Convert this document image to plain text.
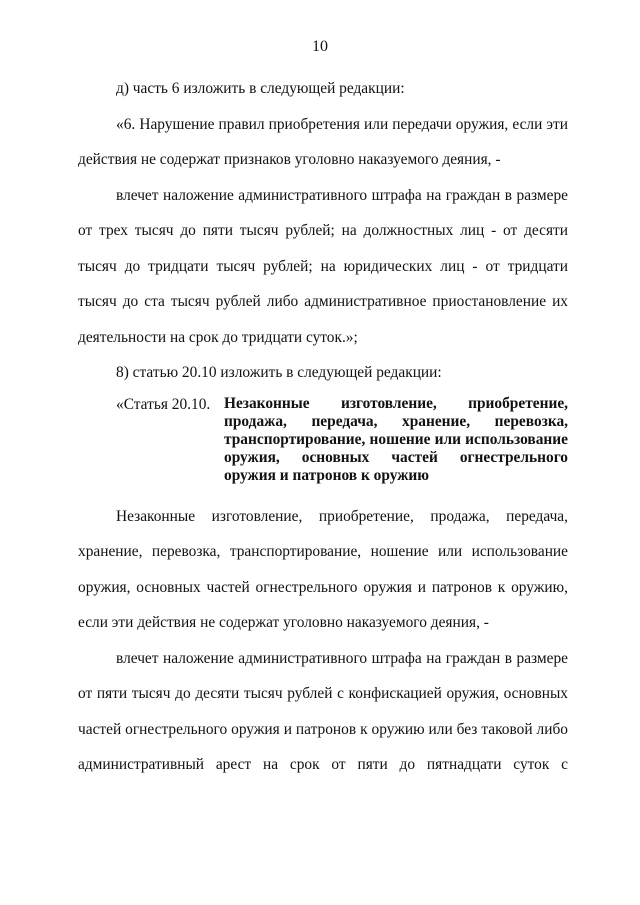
10

д) часть 6 изложить в следующей редакции:

«6. Нарушение правил приобретения или передачи оружия, если эти действия не содержат признаков уголовно наказуемого деяния, -

влечет наложение административного штрафа на граждан в размере от трех тысяч до пяти тысяч рублей; на должностных лиц - от десяти тысяч до тридцати тысяч рублей; на юридических лиц - от тридцати тысяч до ста тысяч рублей либо административное приостановление их деятельности на срок до тридцати суток.»;

8) статью 20.10 изложить в следующей редакции:

«Статья 20.10. Незаконные изготовление, приобретение, продажа, передача, хранение, перевозка, транспортирование, ношение или использование оружия, основных частей огнестрельного оружия и патронов к оружию

Незаконные изготовление, приобретение, продажа, передача, хранение, перевозка, транспортирование, ношение или использование оружия, основных частей огнестрельного оружия и патронов к оружию, если эти действия не содержат уголовно наказуемого деяния, -

влечет наложение административного штрафа на граждан в размере от пяти тысяч до десяти тысяч рублей с конфискацией оружия, основных частей огнестрельного оружия и патронов к оружию или без таковой либо административный арест на срок от пяти до пятнадцати суток с
